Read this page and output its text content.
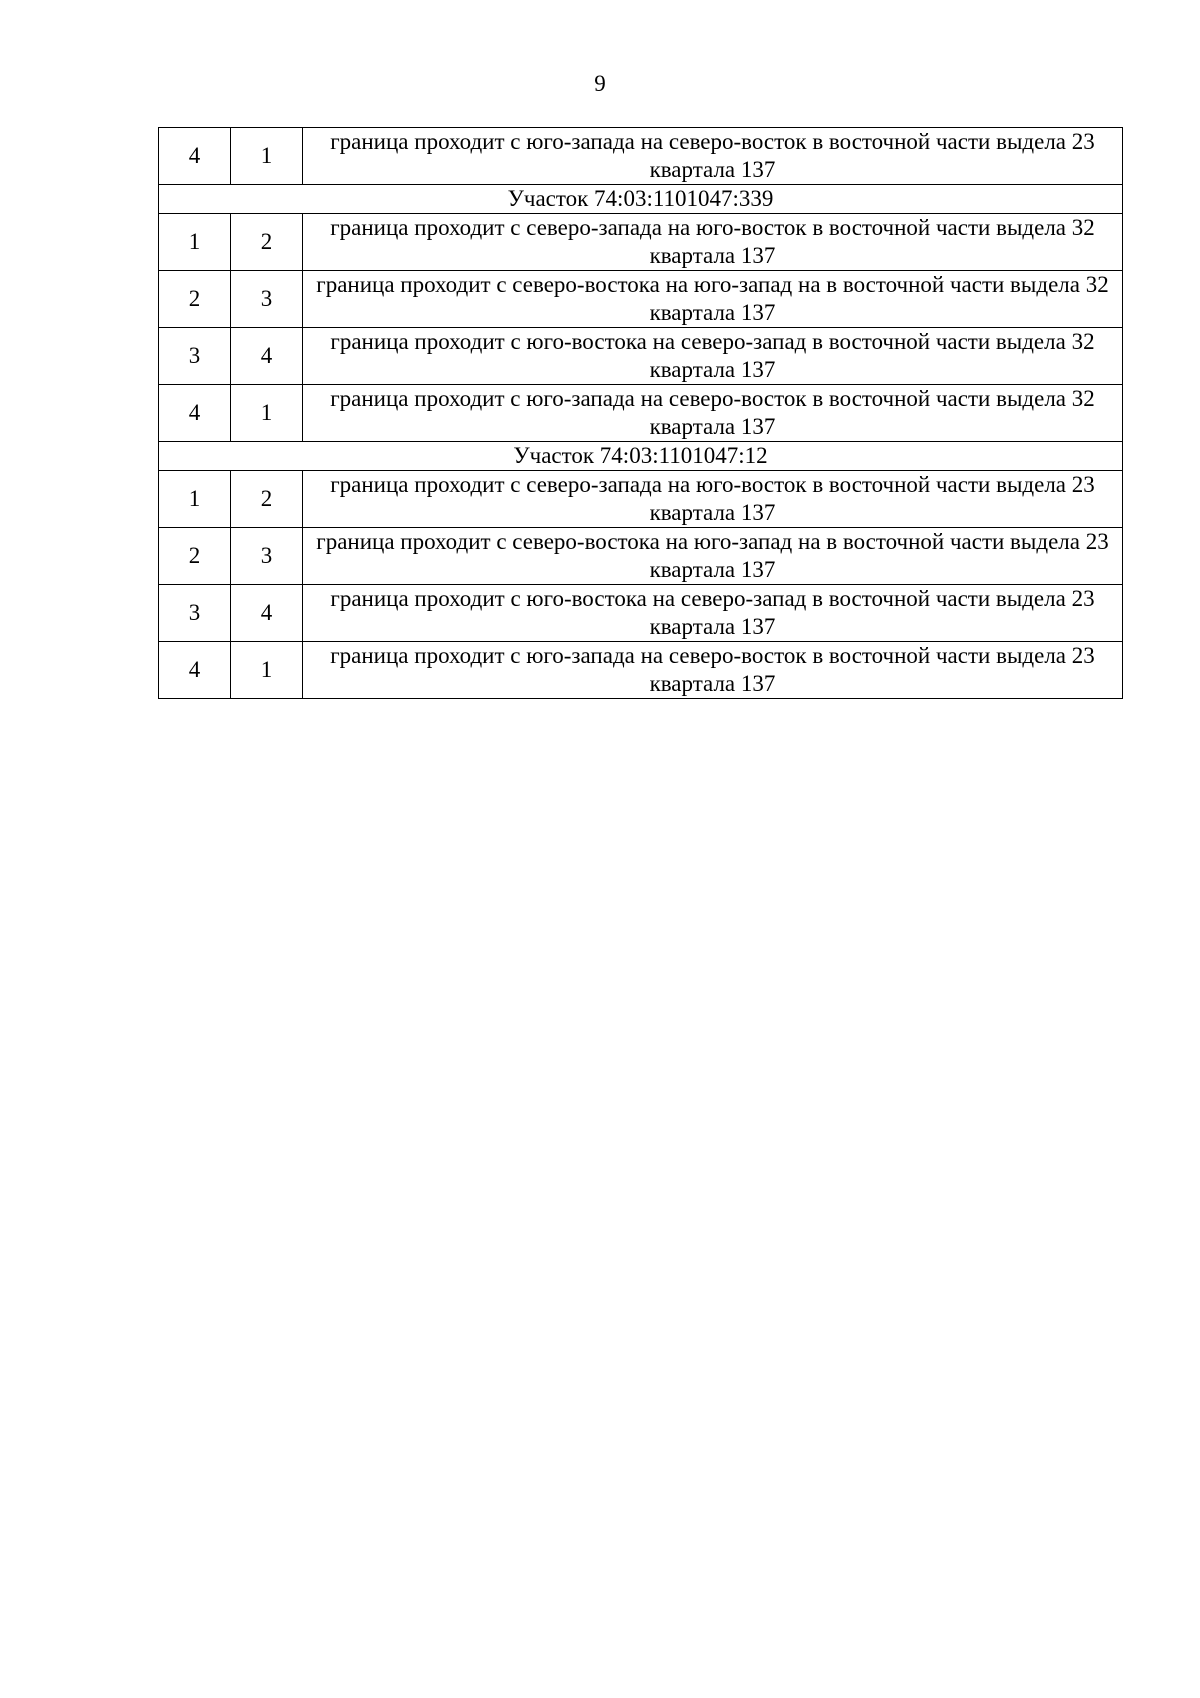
9
4	1	граница проходит с юго-запада на северо-восток в восточной части выдела 23 квартала 137
Участок 74:03:1101047:339		
1	2	граница проходит с северо-запада на юго-восток в восточной части выдела 32 квартала 137
2	3	граница проходит с северо-востока на юго-запад на в восточной части выдела 32 квартала 137
3	4	граница проходит с юго-востока на северо-запад в восточной части выдела 32 квартала 137
4	1	граница проходит с юго-запада на северо-восток в восточной части выдела 32 квартала 137
Участок 74:03:1101047:12		
1	2	граница проходит с северо-запада на юго-восток в восточной части выдела 23 квартала 137
2	3	граница проходит с северо-востока на юго-запад на в восточной части выдела 23 квартала 137
3	4	граница проходит с юго-востока на северо-запад в восточной части выдела 23 квартала 137
4	1	граница проходит с юго-запада на северо-восток в восточной части выдела 23 квартала 137
